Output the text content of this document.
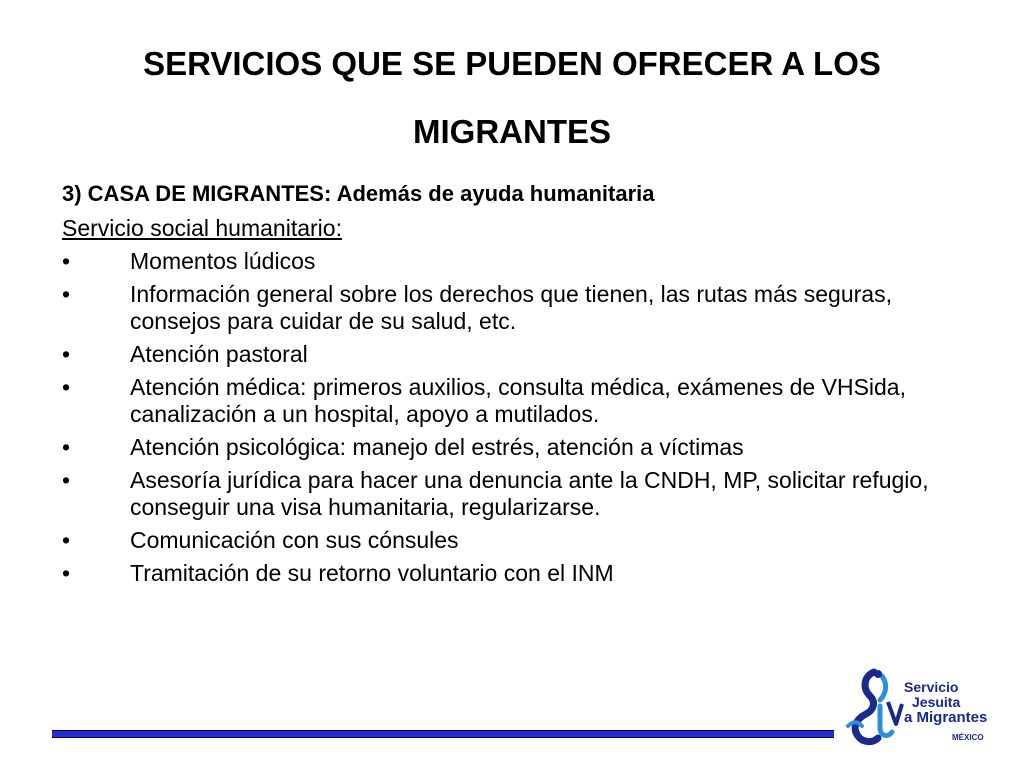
SERVICIOS QUE SE PUEDEN OFRECER A LOS MIGRANTES

3) CASA DE MIGRANTES: Además de ayuda humanitaria

Servicio social humanitario:

•	Momentos lúdicos
•	Información general sobre los derechos que tienen, las rutas más seguras, consejos para cuidar de su salud, etc.
•	Atención pastoral
•	Atención médica: primeros auxilios, consulta médica, exámenes de VHSida, canalización a un hospital, apoyo a mutilados.
•	Atención psicológica: manejo del estrés, atención a víctimas
•	Asesoría jurídica para hacer una denuncia ante la CNDH, MP, solicitar refugio, conseguir una visa humanitaria, regularizarse.
•	Comunicación con sus cónsules
•	Tramitación de su retorno voluntario con el INM
Servicio
Jesuita
a Migrantes
MÉXICO
